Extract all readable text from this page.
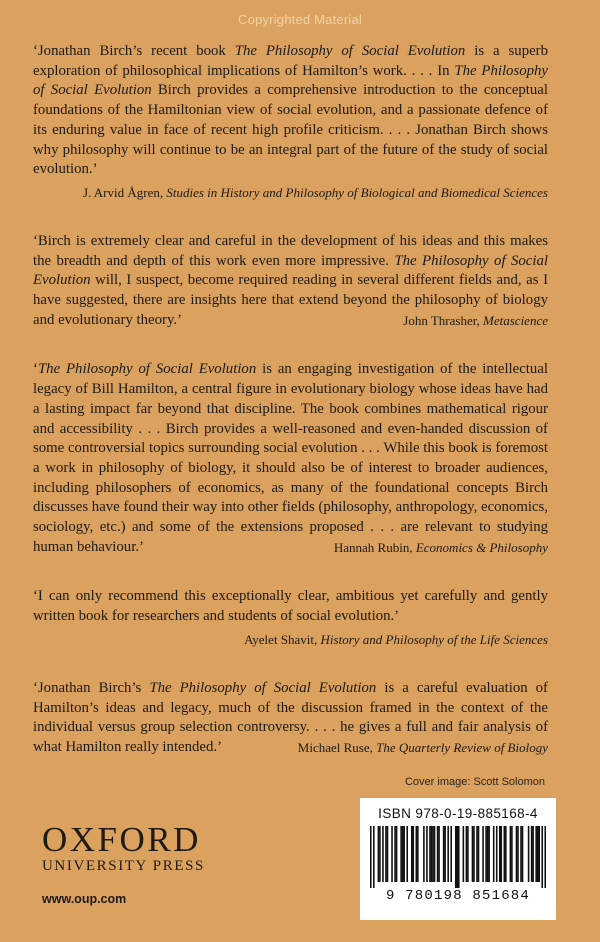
Copyrighted Material

‘Jonathan Birch’s recent book The Philosophy of Social Evolution is a superb exploration of philosophical implications of Hamilton’s work. . . . In The Philosophy of Social Evolution Birch provides a comprehensive introduction to the conceptual foundations of the Hamiltonian view of social evolution, and a passionate defence of its enduring value in face of recent high profile criticism. . . . Jonathan Birch shows why philosophy will continue to be an integral part of the future of the study of social evolution.’

J. Arvid Ågren, Studies in History and Philosophy of Biological and Biomedical Sciences

‘Birch is extremely clear and careful in the development of his ideas and this makes the breadth and depth of this work even more impressive. The Philosophy of Social Evolution will, I suspect, become required reading in several different fields and, as I have suggested, there are insights here that extend beyond the philosophy of biology and evolutionary theory.’	John Thrasher, Metascience

‘The Philosophy of Social Evolution is an engaging investigation of the intellectual legacy of Bill Hamilton, a central figure in evolutionary biology whose ideas have had a lasting impact far beyond that discipline. The book combines mathematical rigour and accessibility . . . Birch provides a well-reasoned and even-handed discussion of some controversial topics surrounding social evolution . . . While this book is foremost a work in philosophy of biology, it should also be of interest to broader audiences, including philosophers of economics, as many of the foundational concepts Birch discusses have found their way into other fields (philosophy, anthropology, economics, sociology, etc.) and some of the extensions proposed . . . are relevant to studying human behaviour.’	Hannah Rubin, Economics & Philosophy

‘I can only recommend this exceptionally clear, ambitious yet carefully and gently written book for researchers and students of social evolution.’

Ayelet Shavit, History and Philosophy of the Life Sciences

‘Jonathan Birch’s The Philosophy of Social Evolution is a careful evaluation of Hamilton’s ideas and legacy, much of the discussion framed in the context of the individual versus group selection controversy. . . . he gives a full and fair analysis of what Hamilton really intended.’	Michael Ruse, The Quarterly Review of Biology

Cover image: Scott Solomon
OXFORD
UNIVERSITY PRESS
www.oup.com
ISBN 978-0-19-885168-4
9 780198 851684
